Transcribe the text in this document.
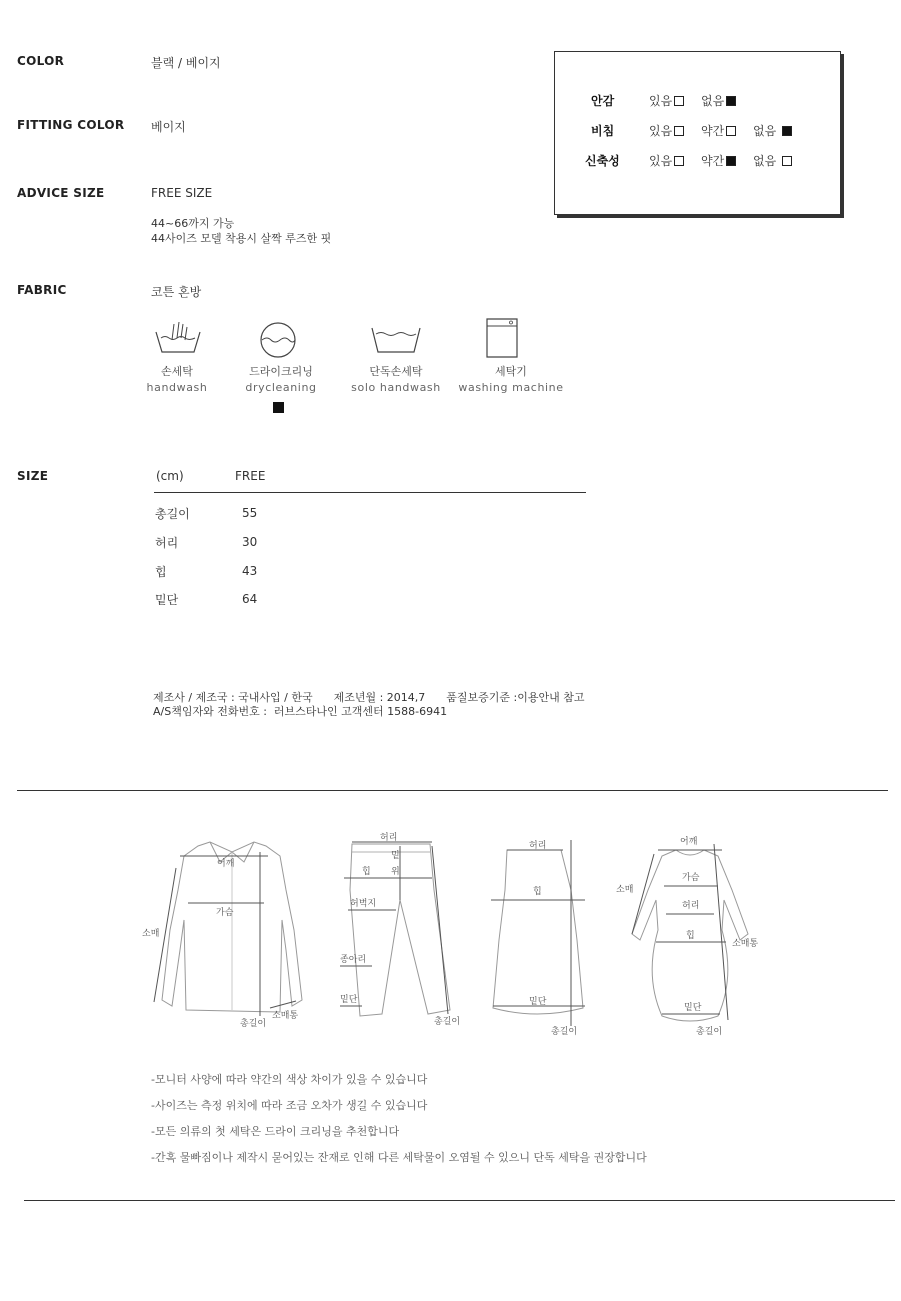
COLOR	블랙 / 베이지
FITTING COLOR 베이지
ADVICE SIZE	FREE SIZE
44~66까지 가능
44사이즈 모델 착용시 살짝 루즈한 핏
FABRIC	코튼 혼방
안감	있음	없음
비침	있음	약간	없음
신축성 있음	약간	없음
손세탁
handwash
드라이크리닝
drycleaning
단독손세탁
solo handwash
세탁기
washing machine
SIZE	(cm)	FREE
총길이	55
허리	30
힙	43
밑단	64
제조사 / 제조국 : 국내사입 / 한국      제조년월 : 2014,7      품질보증기준 :이용안내 참고
A/S책임자와 전화번호 :  러브스타나인 고객센터 1588-6941
어깨
가슴
소매
총길이
소매통
허리
밑
위
힙
허벅지
종아리
밑단
총길이
허리
힙
밑단
총길이
어깨
소매
가슴
허리
힙
소매통
밑단
총길이
-모니터 사양에 따라 약간의 색상 차이가 있을 수 있습니다
-사이즈는 측정 위치에 따라 조금 오차가 생길 수 있습니다
-모든 의류의 첫 세탁은 드라이 크리닝을 추천합니다
-간혹 물빠짐이나 제작시 묻어있는 잔재로 인해 다른 세탁물이 오염될 수 있으니 단독 세탁을 권장합니다
